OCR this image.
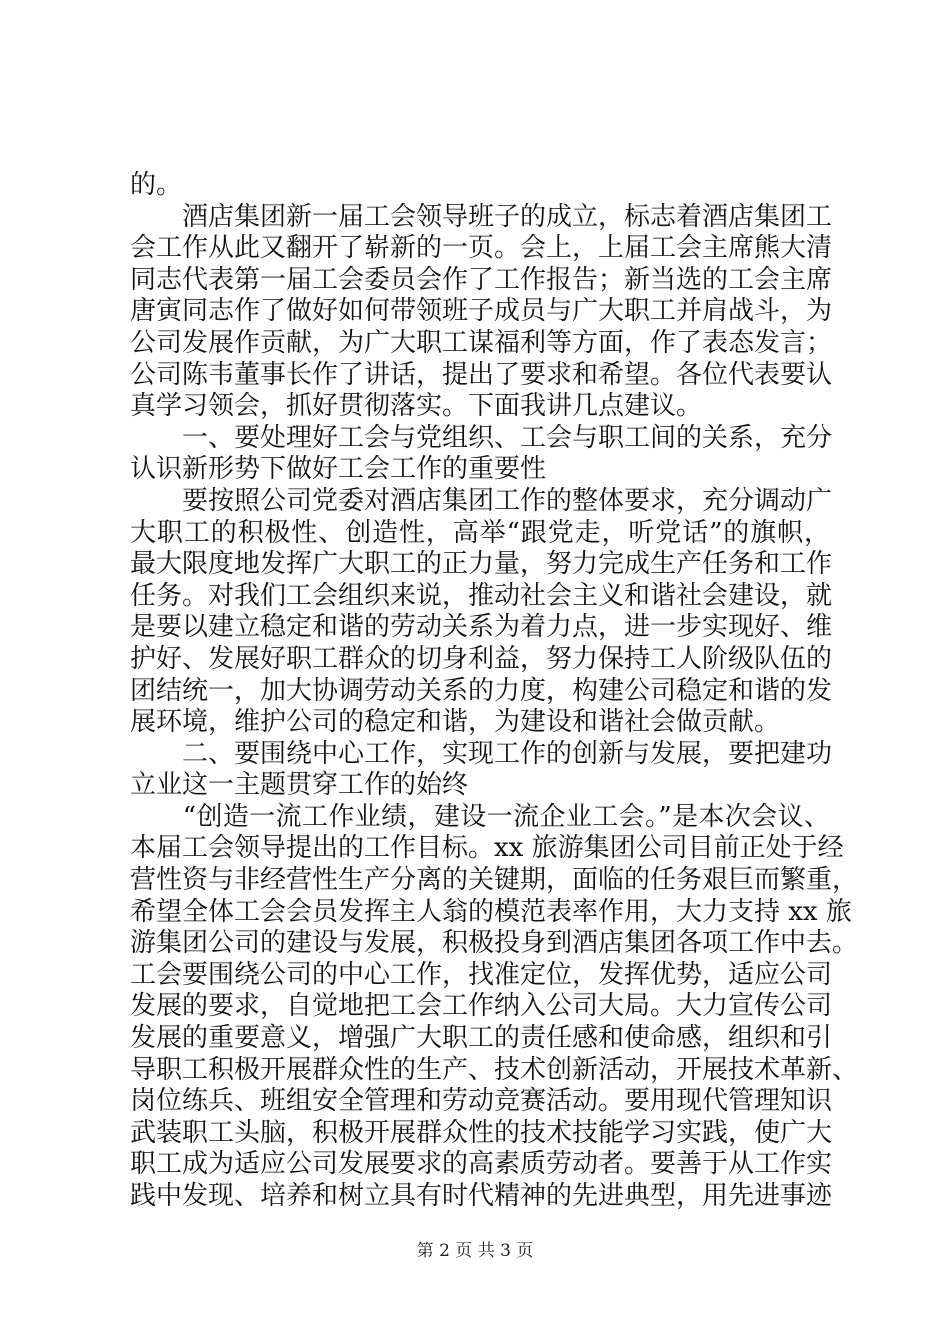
的。
　　酒店集团新一届工会领导班子的成立，标志着酒店集团工
会工作从此又翻开了崭新的一页。会上，上届工会主席熊大清
同志代表第一届工会委员会作了工作报告；新当选的工会主席
唐寅同志作了做好如何带领班子成员与广大职工并肩战斗，为
公司发展作贡献，为广大职工谋福利等方面，作了表态发言；
公司陈韦董事长作了讲话，提出了要求和希望。各位代表要认
真学习领会，抓好贯彻落实。下面我讲几点建议。
　　一、要处理好工会与党组织、工会与职工间的关系，充分
认识新形势下做好工会工作的重要性
　　要按照公司党委对酒店集团工作的整体要求，充分调动广
大职工的积极性、创造性，高举“跟党走，听党话”的旗帜，
最大限度地发挥广大职工的正力量，努力完成生产任务和工作
任务。对我们工会组织来说，推动社会主义和谐社会建设，就
是要以建立稳定和谐的劳动关系为着力点，进一步实现好、维
护好、发展好职工群众的切身利益，努力保持工人阶级队伍的
团结统一，加大协调劳动关系的力度，构建公司稳定和谐的发
展环境，维护公司的稳定和谐，为建设和谐社会做贡献。
　　二、要围绕中心工作，实现工作的创新与发展，要把建功
立业这一主题贯穿工作的始终
　　“创造一流工作业绩，建设一流企业工会。”是本次会议、
本届工会领导提出的工作目标。xx 旅游集团公司目前正处于经
营性资与非经营性生产分离的关键期，面临的任务艰巨而繁重，
希望全体工会会员发挥主人翁的模范表率作用，大力支持 xx 旅
游集团公司的建设与发展，积极投身到酒店集团各项工作中去。
工会要围绕公司的中心工作，找准定位，发挥优势，适应公司
发展的要求，自觉地把工会工作纳入公司大局。大力宣传公司
发展的重要意义，增强广大职工的责任感和使命感，组织和引
导职工积极开展群众性的生产、技术创新活动，开展技术革新、
岗位练兵、班组安全管理和劳动竞赛活动。要用现代管理知识
武装职工头脑，积极开展群众性的技术技能学习实践，使广大
职工成为适应公司发展要求的高素质劳动者。要善于从工作实
践中发现、培养和树立具有时代精神的先进典型，用先进事迹
第 2 页 共 3 页
